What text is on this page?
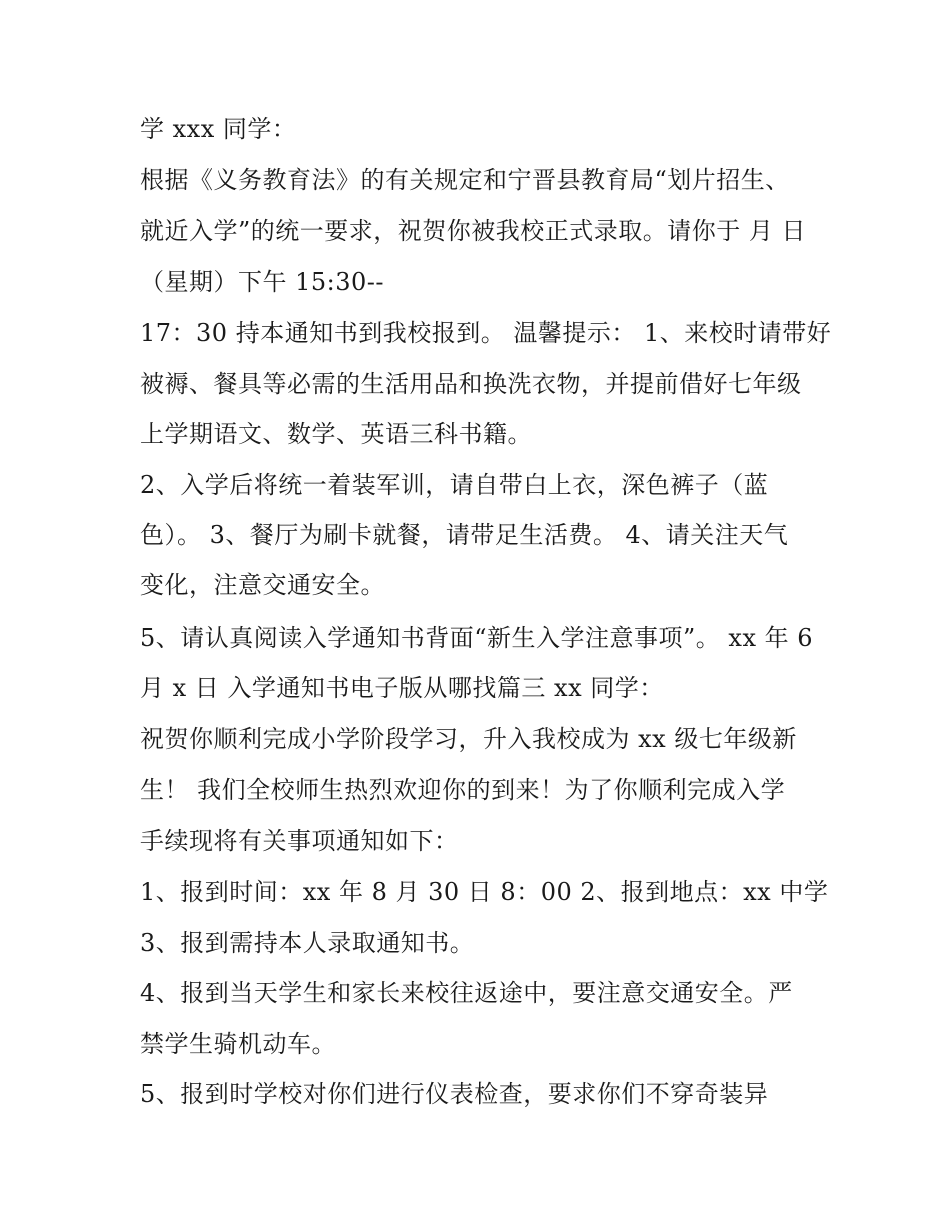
学 xxx 同学：

根据《义务教育法》的有关规定和宁晋县教育局“划片招生、

就近入学”的统一要求，祝贺你被我校正式录取。请你于 月 日

（星期）下午 15:30--

17：30 持本通知书到我校报到。 温馨提示： 1、来校时请带好

被褥、餐具等必需的生活用品和换洗衣物，并提前借好七年级

上学期语文、数学、英语三科书籍。

2、入学后将统一着装军训，请自带白上衣，深色裤子（蓝

色）。 3、餐厅为刷卡就餐，请带足生活费。 4、请关注天气

变化，注意交通安全。

5、请认真阅读入学通知书背面“新生入学注意事项”。 xx 年 6

月 x 日 入学通知书电子版从哪找篇三 xx 同学：

祝贺你顺利完成小学阶段学习，升入我校成为 xx 级七年级新

生！ 我们全校师生热烈欢迎你的到来！为了你顺利完成入学

手续现将有关事项通知如下：

1、报到时间：xx 年 8 月 30 日 8：00 2、报到地点：xx 中学

3、报到需持本人录取通知书。

4、报到当天学生和家长来校往返途中，要注意交通安全。严

禁学生骑机动车。

5、报到时学校对你们进行仪表检查，要求你们不穿奇装异
